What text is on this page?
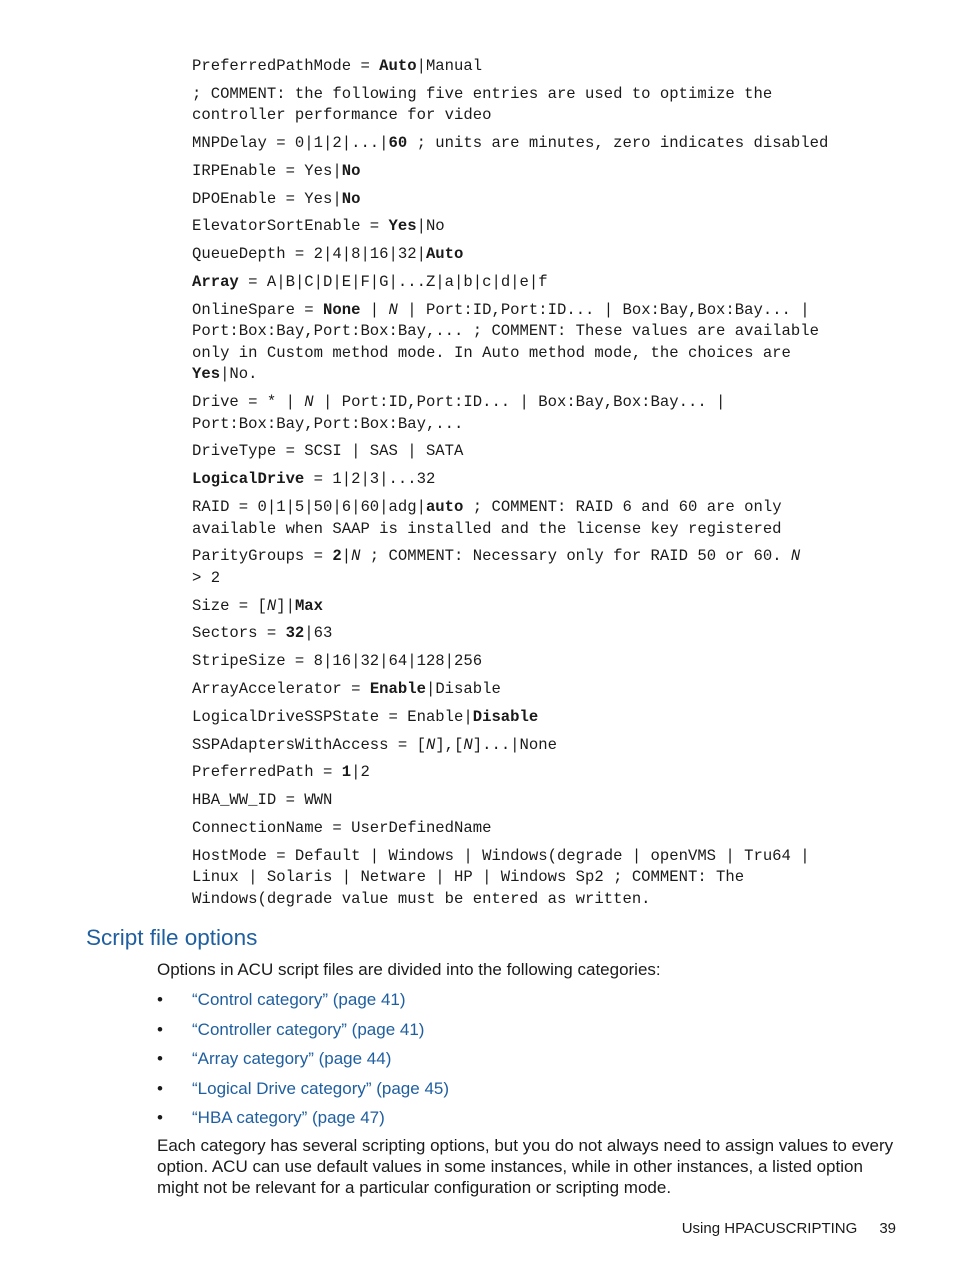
PreferredPathMode = Auto|Manual
; COMMENT: the following five entries are used to optimize the
controller performance for video
MNPDelay = 0|1|2|...|60 ; units are minutes, zero indicates disabled
IRPEnable = Yes|No
DPOEnable = Yes|No
ElevatorSortEnable = Yes|No
QueueDepth = 2|4|8|16|32|Auto
Array = A|B|C|D|E|F|G|...Z|a|b|c|d|e|f
OnlineSpare = None | N | Port:ID,Port:ID... | Box:Bay,Box:Bay... |
Port:Box:Bay,Port:Box:Bay,... ; COMMENT: These values are available
only in Custom method mode. In Auto method mode, the choices are
Yes|No.
Drive = * | N | Port:ID,Port:ID... | Box:Bay,Box:Bay... |
Port:Box:Bay,Port:Box:Bay,...
DriveType = SCSI | SAS | SATA
LogicalDrive = 1|2|3|...32
RAID = 0|1|5|50|6|60|adg|auto ; COMMENT: RAID 6 and 60 are only
available when SAAP is installed and the license key registered
ParityGroups = 2|N ; COMMENT: Necessary only for RAID 50 or 60. N
> 2
Size = [N]|Max
Sectors = 32|63
StripeSize = 8|16|32|64|128|256
ArrayAccelerator = Enable|Disable
LogicalDriveSSPState = Enable|Disable
SSPAdaptersWithAccess = [N],[N]...|None
PreferredPath = 1|2
HBA_WW_ID = WWN
ConnectionName = UserDefinedName
HostMode = Default | Windows | Windows(degrade | openVMS | Tru64 |
Linux | Solaris | Netware | HP | Windows Sp2 ; COMMENT: The
Windows(degrade value must be entered as written.
Script file options

Options in ACU script files are divided into the following categories:

• “Control category” (page 41)
• “Controller category” (page 41)
• “Array category” (page 44)
• “Logical Drive category” (page 45)
• “HBA category” (page 47)

Each category has several scripting options, but you do not always need to assign values to every option. ACU can use default values in some instances, while in other instances, a listed option might not be relevant for a particular configuration or scripting mode.

Using HPACUSCRIPTING 39
